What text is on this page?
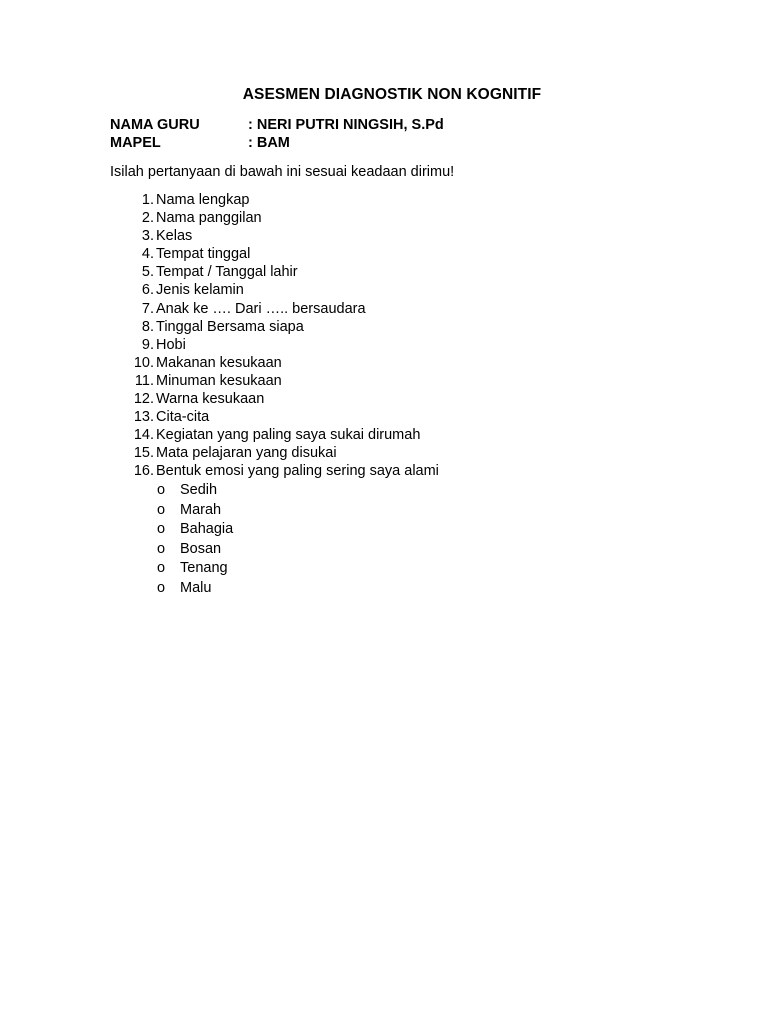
ASESMEN DIAGNOSTIK NON KOGNITIF
NAMA GURU	: NERI PUTRI NINGSIH, S.Pd
MAPEL	: BAM
Isilah pertanyaan di bawah ini sesuai keadaan dirimu!
1. Nama lengkap
2. Nama panggilan
3. Kelas
4. Tempat tinggal
5. Tempat / Tanggal lahir
6. Jenis kelamin
7. Anak ke …. Dari ….. bersaudara
8. Tinggal Bersama siapa
9. Hobi
10. Makanan kesukaan
11. Minuman kesukaan
12. Warna kesukaan
13. Cita-cita
14. Kegiatan yang paling saya sukai dirumah
15. Mata pelajaran yang disukai
16. Bentuk emosi yang paling sering saya alami
o Sedih
o Marah
o Bahagia
o Bosan
o Tenang
o Malu
